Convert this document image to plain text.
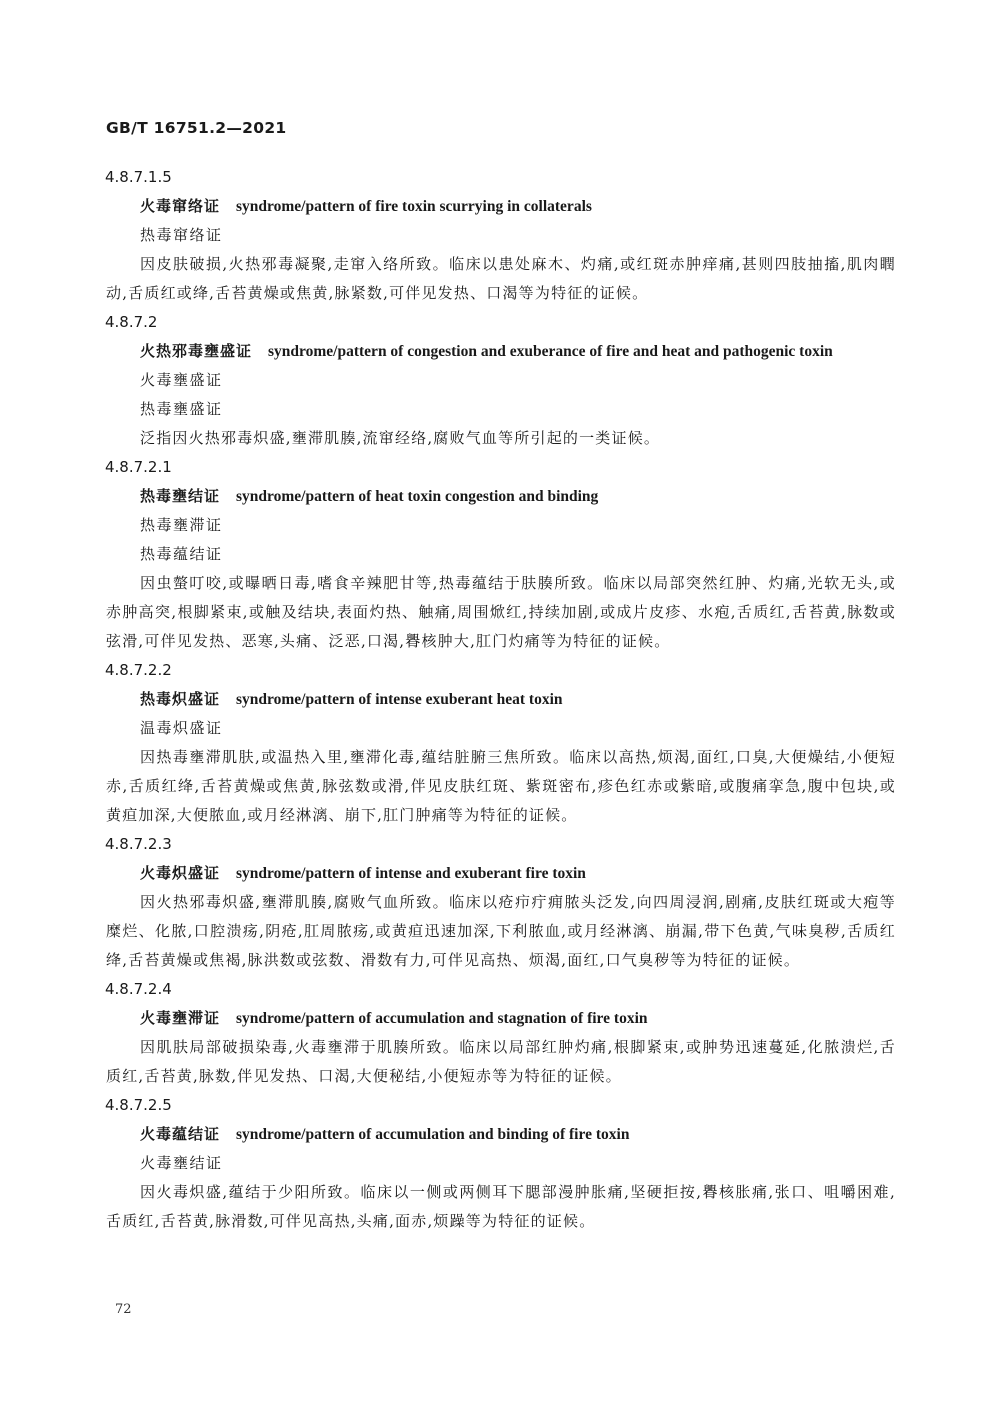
GB/T 16751.2—2021
4.8.7.1.5
火毒窜络证 syndrome/pattern of fire toxin scurrying in collaterals
热毒窜络证
因皮肤破损,火热邪毒凝聚,走窜入络所致。临床以患处麻木、灼痛,或红斑赤肿痒痛,甚则四肢抽搐,肌肉瞤动,舌质红或绛,舌苔黄燥或焦黄,脉紧数,可伴见发热、口渴等为特征的证候。
4.8.7.2
火热邪毒壅盛证 syndrome/pattern of congestion and exuberance of fire and heat and pathogenic toxin
火毒壅盛证
热毒壅盛证
泛指因火热邪毒炽盛,壅滞肌腠,流窜经络,腐败气血等所引起的一类证候。
4.8.7.2.1
热毒壅结证 syndrome/pattern of heat toxin congestion and binding
热毒壅滞证
热毒蕴结证
因虫螫叮咬,或曝晒日毒,嗜食辛辣肥甘等,热毒蕴结于肤腠所致。临床以局部突然红肿、灼痛,光软无头,或赤肿高突,根脚紧束,或触及结块,表面灼热、触痛,周围焮红,持续加剧,或成片皮疹、水疱,舌质红,舌苔黄,脉数或弦滑,可伴见发热、恶寒,头痛、泛恶,口渴,臖核肿大,肛门灼痛等为特征的证候。
4.8.7.2.2
热毒炽盛证 syndrome/pattern of intense exuberant heat toxin
温毒炽盛证
因热毒壅滞肌肤,或温热入里,壅滞化毒,蕴结脏腑三焦所致。临床以高热,烦渴,面红,口臭,大便燥结,小便短赤,舌质红绛,舌苔黄燥或焦黄,脉弦数或滑,伴见皮肤红斑、紫斑密布,疹色红赤或紫暗,或腹痛挛急,腹中包块,或黄疸加深,大便脓血,或月经淋漓、崩下,肛门肿痛等为特征的证候。
4.8.7.2.3
火毒炽盛证 syndrome/pattern of intense and exuberant fire toxin
因火热邪毒炽盛,壅滞肌腠,腐败气血所致。临床以疮疖疔痈脓头泛发,向四周浸润,剧痛,皮肤红斑或大疱等糜烂、化脓,口腔溃疡,阴疮,肛周脓疡,或黄疸迅速加深,下利脓血,或月经淋漓、崩漏,带下色黄,气味臭秽,舌质红绛,舌苔黄燥或焦褐,脉洪数或弦数、滑数有力,可伴见高热、烦渴,面红,口气臭秽等为特征的证候。
4.8.7.2.4
火毒壅滞证 syndrome/pattern of accumulation and stagnation of fire toxin
因肌肤局部破损染毒,火毒壅滞于肌腠所致。临床以局部红肿灼痛,根脚紧束,或肿势迅速蔓延,化脓溃烂,舌质红,舌苔黄,脉数,伴见发热、口渴,大便秘结,小便短赤等为特征的证候。
4.8.7.2.5
火毒蕴结证 syndrome/pattern of accumulation and binding of fire toxin
火毒壅结证
因火毒炽盛,蕴结于少阳所致。临床以一侧或两侧耳下腮部漫肿胀痛,坚硬拒按,臖核胀痛,张口、咀嚼困难,舌质红,舌苔黄,脉滑数,可伴见高热,头痛,面赤,烦躁等为特征的证候。
72
